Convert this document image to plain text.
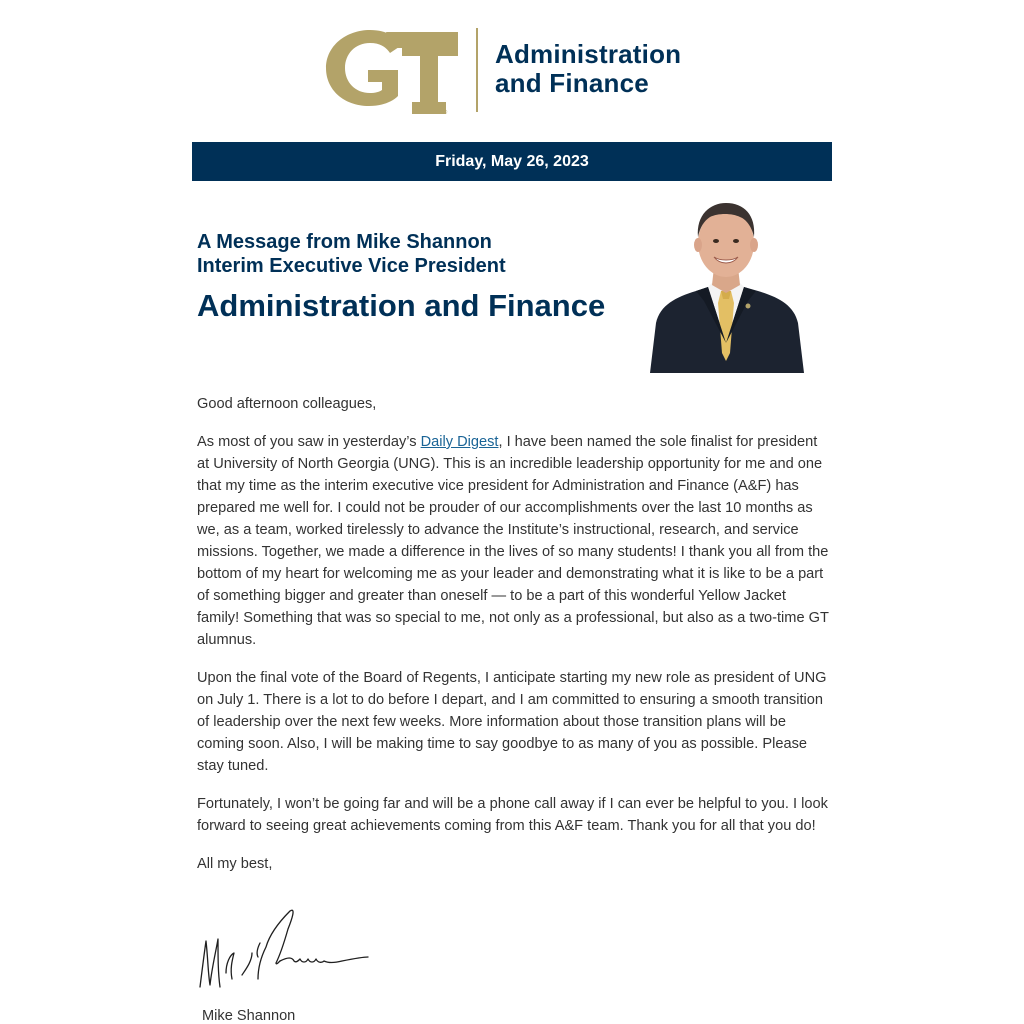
®
Administration
and Finance
Friday, May 26, 2023
A Message from Mike Shannon
Interim Executive Vice President
Administration and Finance

Good afternoon colleagues,

As most of you saw in yesterday’s Daily Digest, I have been named the sole finalist for president at University of North Georgia (UNG). This is an incredible leadership opportunity for me and one that my time as the interim executive vice president for Administration and Finance (A&F) has prepared me well for. I could not be prouder of our accomplishments over the last 10 months as we, as a team, worked tirelessly to advance the Institute’s instructional, research, and service missions. Together, we made a difference in the lives of so many students! I thank you all from the bottom of my heart for welcoming me as your leader and demonstrating what it is like to be a part of something bigger and greater than oneself — to be a part of this wonderful Yellow Jacket family! Something that was so special to me, not only as a professional, but also as a two-time GT alumnus.

Upon the final vote of the Board of Regents, I anticipate starting my new role as president of UNG on July 1. There is a lot to do before I depart, and I am committed to ensuring a smooth transition of leadership over the next few weeks. More information about those transition plans will be coming soon. Also, I will be making time to say goodbye to as many of you as possible. Please stay tuned.

Fortunately, I won’t be going far and will be a phone call away if I can ever be helpful to you. I look forward to seeing great achievements coming from this A&F team. Thank you for all that you do!

All my best,

Mike Shannon
